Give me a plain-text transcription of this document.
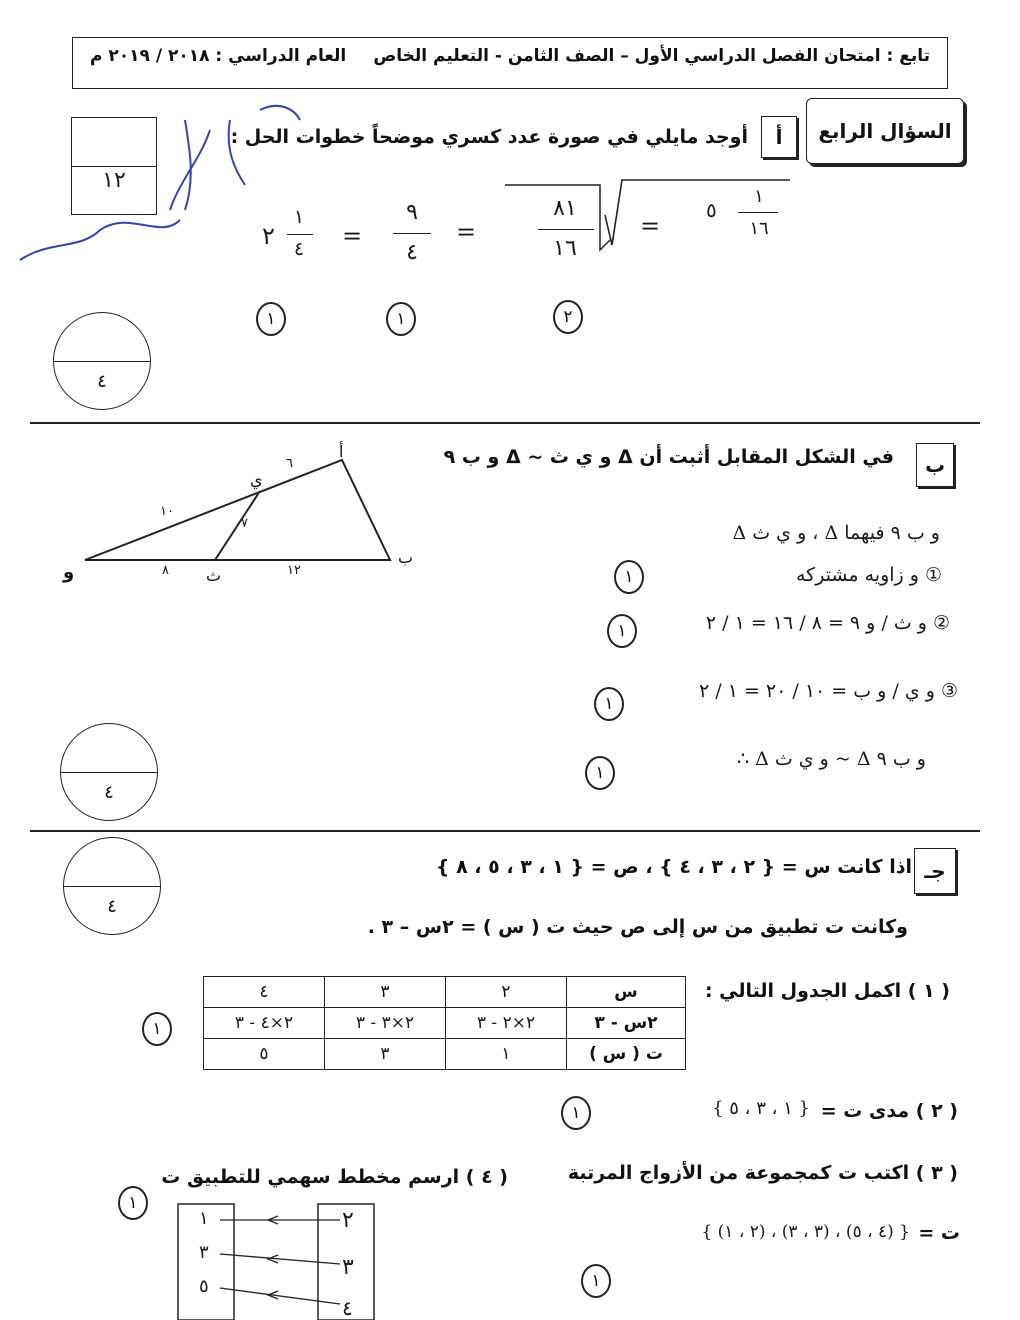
تابع : امتحان الفصل الدراسي الأول – الصف الثامن - التعليم الخاص
العام الدراسي : ٢٠١٨ / ٢٠١٩ م
السؤال الرابع
١٢
أ
أوجد مايلي في صورة عدد كسري موضحاً خطوات الحل :
٥
١
١٦
=
٨١
١٦
=
٩
٤
=
٢
١
٤
٢
١
١
٤
ب
في الشكل المقابل أثبت أن Δ و ي ث ~ Δ و ب ٩
أ
ب
و
ي
ث
٦
١٠
٧
٨	١٢
Δ و ي ث ، Δ و ب ٩ فيهما
① و زاويه مشتركه
② و ث / و ٩ = ٨ / ١٦ = ١ / ٢
③ و ي / و ب = ١٠ / ٢٠ = ١ / ٢
∴ Δ و ي ث ~ Δ و ب ٩
١
١
١
١
٤
٤
جـ
اذا كانت س = { ٢ ، ٣ ، ٤ } ، ص = { ١ ، ٣ ، ٥ ، ٨ }
وكانت ت تطبيق من س إلى ص حيث ت ( س ) = ٢س – ٣ .
( ١ ) اكمل الجدول التالي :
٤	٣	٢	س
٢×٤ - ٣	٢×٣ - ٣	٢×٢ - ٣	٢س - ٣
٥	٣	١	ت ( س )
١
( ٢ ) مدى ت =
{ ١ ، ٣ ، ٥ }
١
( ٣ ) اكتب ت كمجموعة من الأزواج المرتبة
ت =
{ (٢ ، ١) ، (٣ ، ٣) ، (٤ ، ٥) }
١
( ٤ ) ارسم مخطط سهمي للتطبيق ت
١
١
٣
٥
٢
٣
٤
